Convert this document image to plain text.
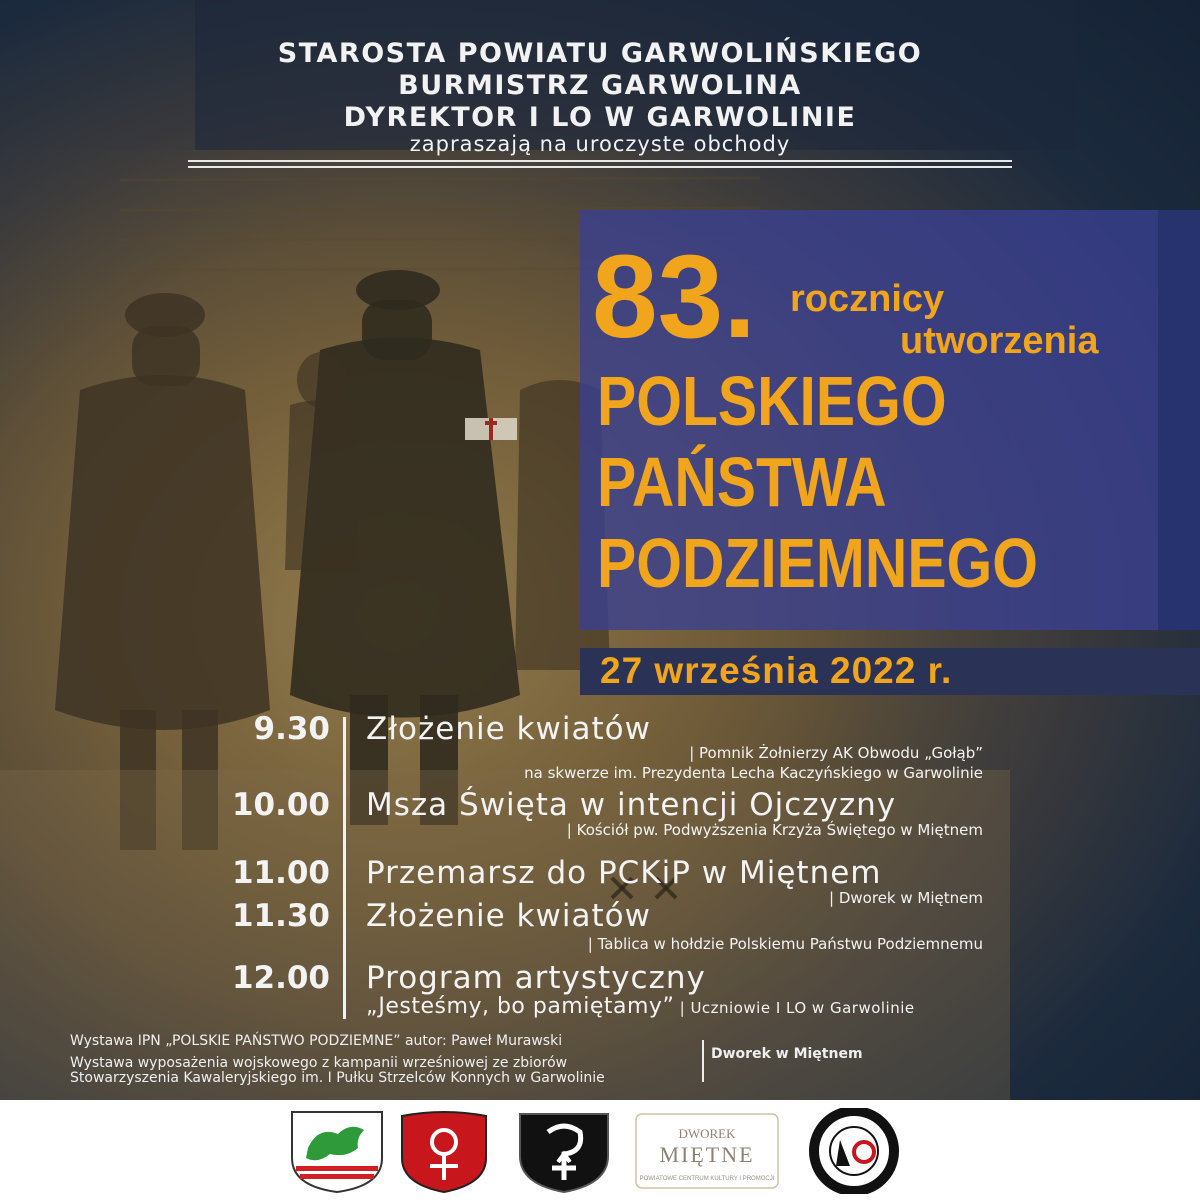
STAROSTA POWIATU GARWOLIŃSKIEGO
BURMISTRZ GARWOLINA
DYREKTOR I LO W GARWOLINIE
zapraszają na uroczyste obchody
83. rocznicy
utworzenia
POLSKIEGO
PAŃSTWA
PODZIEMNEGO
27 września 2022 r.
9.30 Złożenie kwiatów
| Pomnik Żołnierzy AK Obwodu „Gołąb”
na skwerze im. Prezydenta Lecha Kaczyńskiego w Garwolinie
10.00 Msza Święta w intencji Ojczyzny
| Kościół pw. Podwyższenia Krzyża Świętego w Miętnem
11.00 Przemarsz do PCKiP w Miętnem
| Dworek w Miętnem
11.30 Złożenie kwiatów
| Tablica w hołdzie Polskiemu Państwu Podziemnemu
12.00 Program artystyczny
„Jesteśmy, bo pamiętamy” | Uczniowie I LO w Garwolinie
Wystawa IPN „POLSKIE PAŃSTWO PODZIEMNE” autor: Paweł Murawski
Wystawa wyposażenia wojskowego z kampanii wrześniowej ze zbiorów
Stowarzyszenia Kawaleryjskiego im. I Pułku Strzelców Konnych w Garwolinie
Dworek w Miętnem
DWOREK
MIĘTNE
POWIATOWE CENTRUM KULTURY I PROMOCJI
